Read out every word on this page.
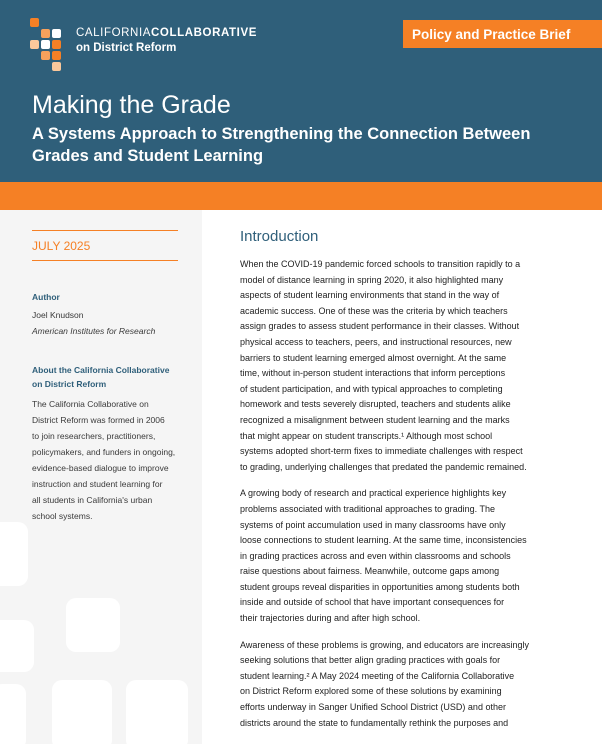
CALIFORNIACOLLABORATIVE
on District Reform
Policy and Practice Brief
Making the Grade
A Systems Approach to Strengthening the Connection Between Grades and Student Learning
JULY 2025
Author
Joel Knudson
American Institutes for Research
About the California Collaborative
on District Reform
The California Collaborative on
District Reform was formed in 2006
to join researchers, practitioners,
policymakers, and funders in ongoing,
evidence-based dialogue to improve
instruction and student learning for
all students in California's urban
school systems.
Introduction

When the COVID-19 pandemic forced schools to transition rapidly to a
model of distance learning in spring 2020, it also highlighted many
aspects of student learning environments that stand in the way of
academic success. One of these was the criteria by which teachers
assign grades to assess student performance in their classes. Without
physical access to teachers, peers, and instructional resources, new
barriers to student learning emerged almost overnight. At the same
time, without in-person student interactions that inform perceptions
of student participation, and with typical approaches to completing
homework and tests severely disrupted, teachers and students alike
recognized a misalignment between student learning and the marks
that might appear on student transcripts.¹ Although most school
systems adopted short-term fixes to immediate challenges with respect
to grading, underlying challenges that predated the pandemic remained.

A growing body of research and practical experience highlights key
problems associated with traditional approaches to grading. The
systems of point accumulation used in many classrooms have only
loose connections to student learning. At the same time, inconsistencies
in grading practices across and even within classrooms and schools
raise questions about fairness. Meanwhile, outcome gaps among
student groups reveal disparities in opportunities among students both
inside and outside of school that have important consequences for
their trajectories during and after high school.

Awareness of these problems is growing, and educators are increasingly
seeking solutions that better align grading practices with goals for
student learning.² A May 2024 meeting of the California Collaborative
on District Reform explored some of these solutions by examining
efforts underway in Sanger Unified School District (USD) and other
districts around the state to fundamentally rethink the purposes and
